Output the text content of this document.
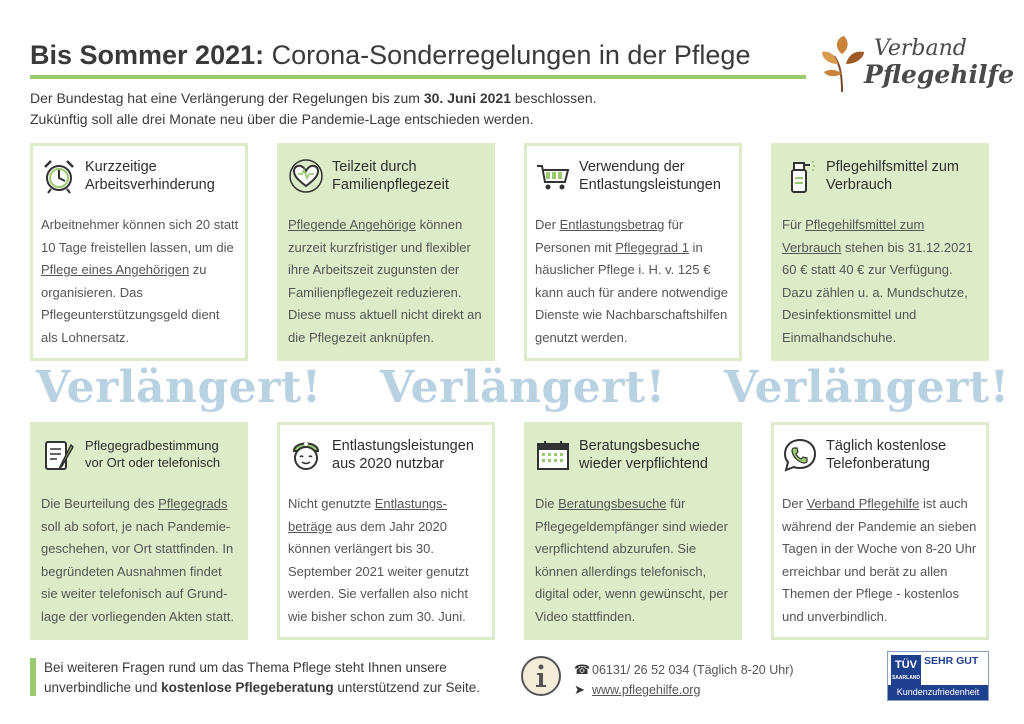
Bis Sommer 2021: Corona-Sonderregelungen in der Pflege	Verband
Pflegehilfe
Der Bundestag hat eine Verlängerung der Regelungen bis zum 30. Juni 2021 beschlossen.
Zukünftig soll alle drei Monate neu über die Pandemie-Lage entschieden werden.
Kurzzeitige Arbeitsverhinderung
Arbeitnehmer können sich 20 statt 10 Tage freistellen lassen, um die Pflege eines Angehörigen zu organisieren. Das Pflegeunterstützungsgeld dient als Lohnersatz.
Teilzeit durch Familienpflegezeit
Pflegende Angehörige können zurzeit kurzfristiger und flexibler ihre Arbeitszeit zugunsten der Familienpflegezeit reduzieren. Diese muss aktuell nicht direkt an die Pflegezeit anknüpfen.
Verwendung der Entlastungsleistungen
Der Entlastungsbetrag für Personen mit Pflegegrad 1 in häuslicher Pflege i. H. v. 125 € kann auch für andere notwendige Dienste wie Nachbarschaftshilfen genutzt werden.
Pflegehilfsmittel zum Verbrauch
Für Pflegehilfsmittel zum Verbrauch stehen bis 31.12.2021 60 € statt 40 € zur Verfügung. Dazu zählen u. a. Mundschutze, Desinfektionsmittel und Einmalhandschuhe.
Verlängert! Verlängert! Verlängert!
Pflegegradbestimmung vor Ort oder telefonisch
Die Beurteilung des Pflegegrads soll ab sofort, je nach Pandemie-geschehen, vor Ort stattfinden. In begründeten Ausnahmen findet sie weiter telefonisch auf Grund-lage der vorliegenden Akten statt.
Entlastungsleistungen aus 2020 nutzbar
Nicht genutzte Entlastungs-beträge aus dem Jahr 2020 können verlängert bis 30. September 2021 weiter genutzt werden. Sie verfallen also nicht wie bisher schon zum 30. Juni.
Beratungsbesuche wieder verpflichtend
Die Beratungsbesuche für Pflegegeldempfänger sind wieder verpflichtend abzurufen. Sie können allerdings telefonisch, digital oder, wenn gewünscht, per Video stattfinden.
Täglich kostenlose Telefonberatung
Der Verband Pflegehilfe ist auch während der Pandemie an sieben Tagen in der Woche von 8-20 Uhr erreichbar und berät zu allen Themen der Pflege - kostenlos und unverbindlich.
Bei weiteren Fragen rund um das Thema Pflege steht Ihnen unsere
unverbindliche und kostenlose Pflegeberatung unterstützend zur Seite.
☎ 06131/ 26 52 034 (Täglich 8-20 Uhr)
➤ www.pflegehilfe.org
TÜV
SAARLAND
SEHR GUT
Kundenzufriedenheit
